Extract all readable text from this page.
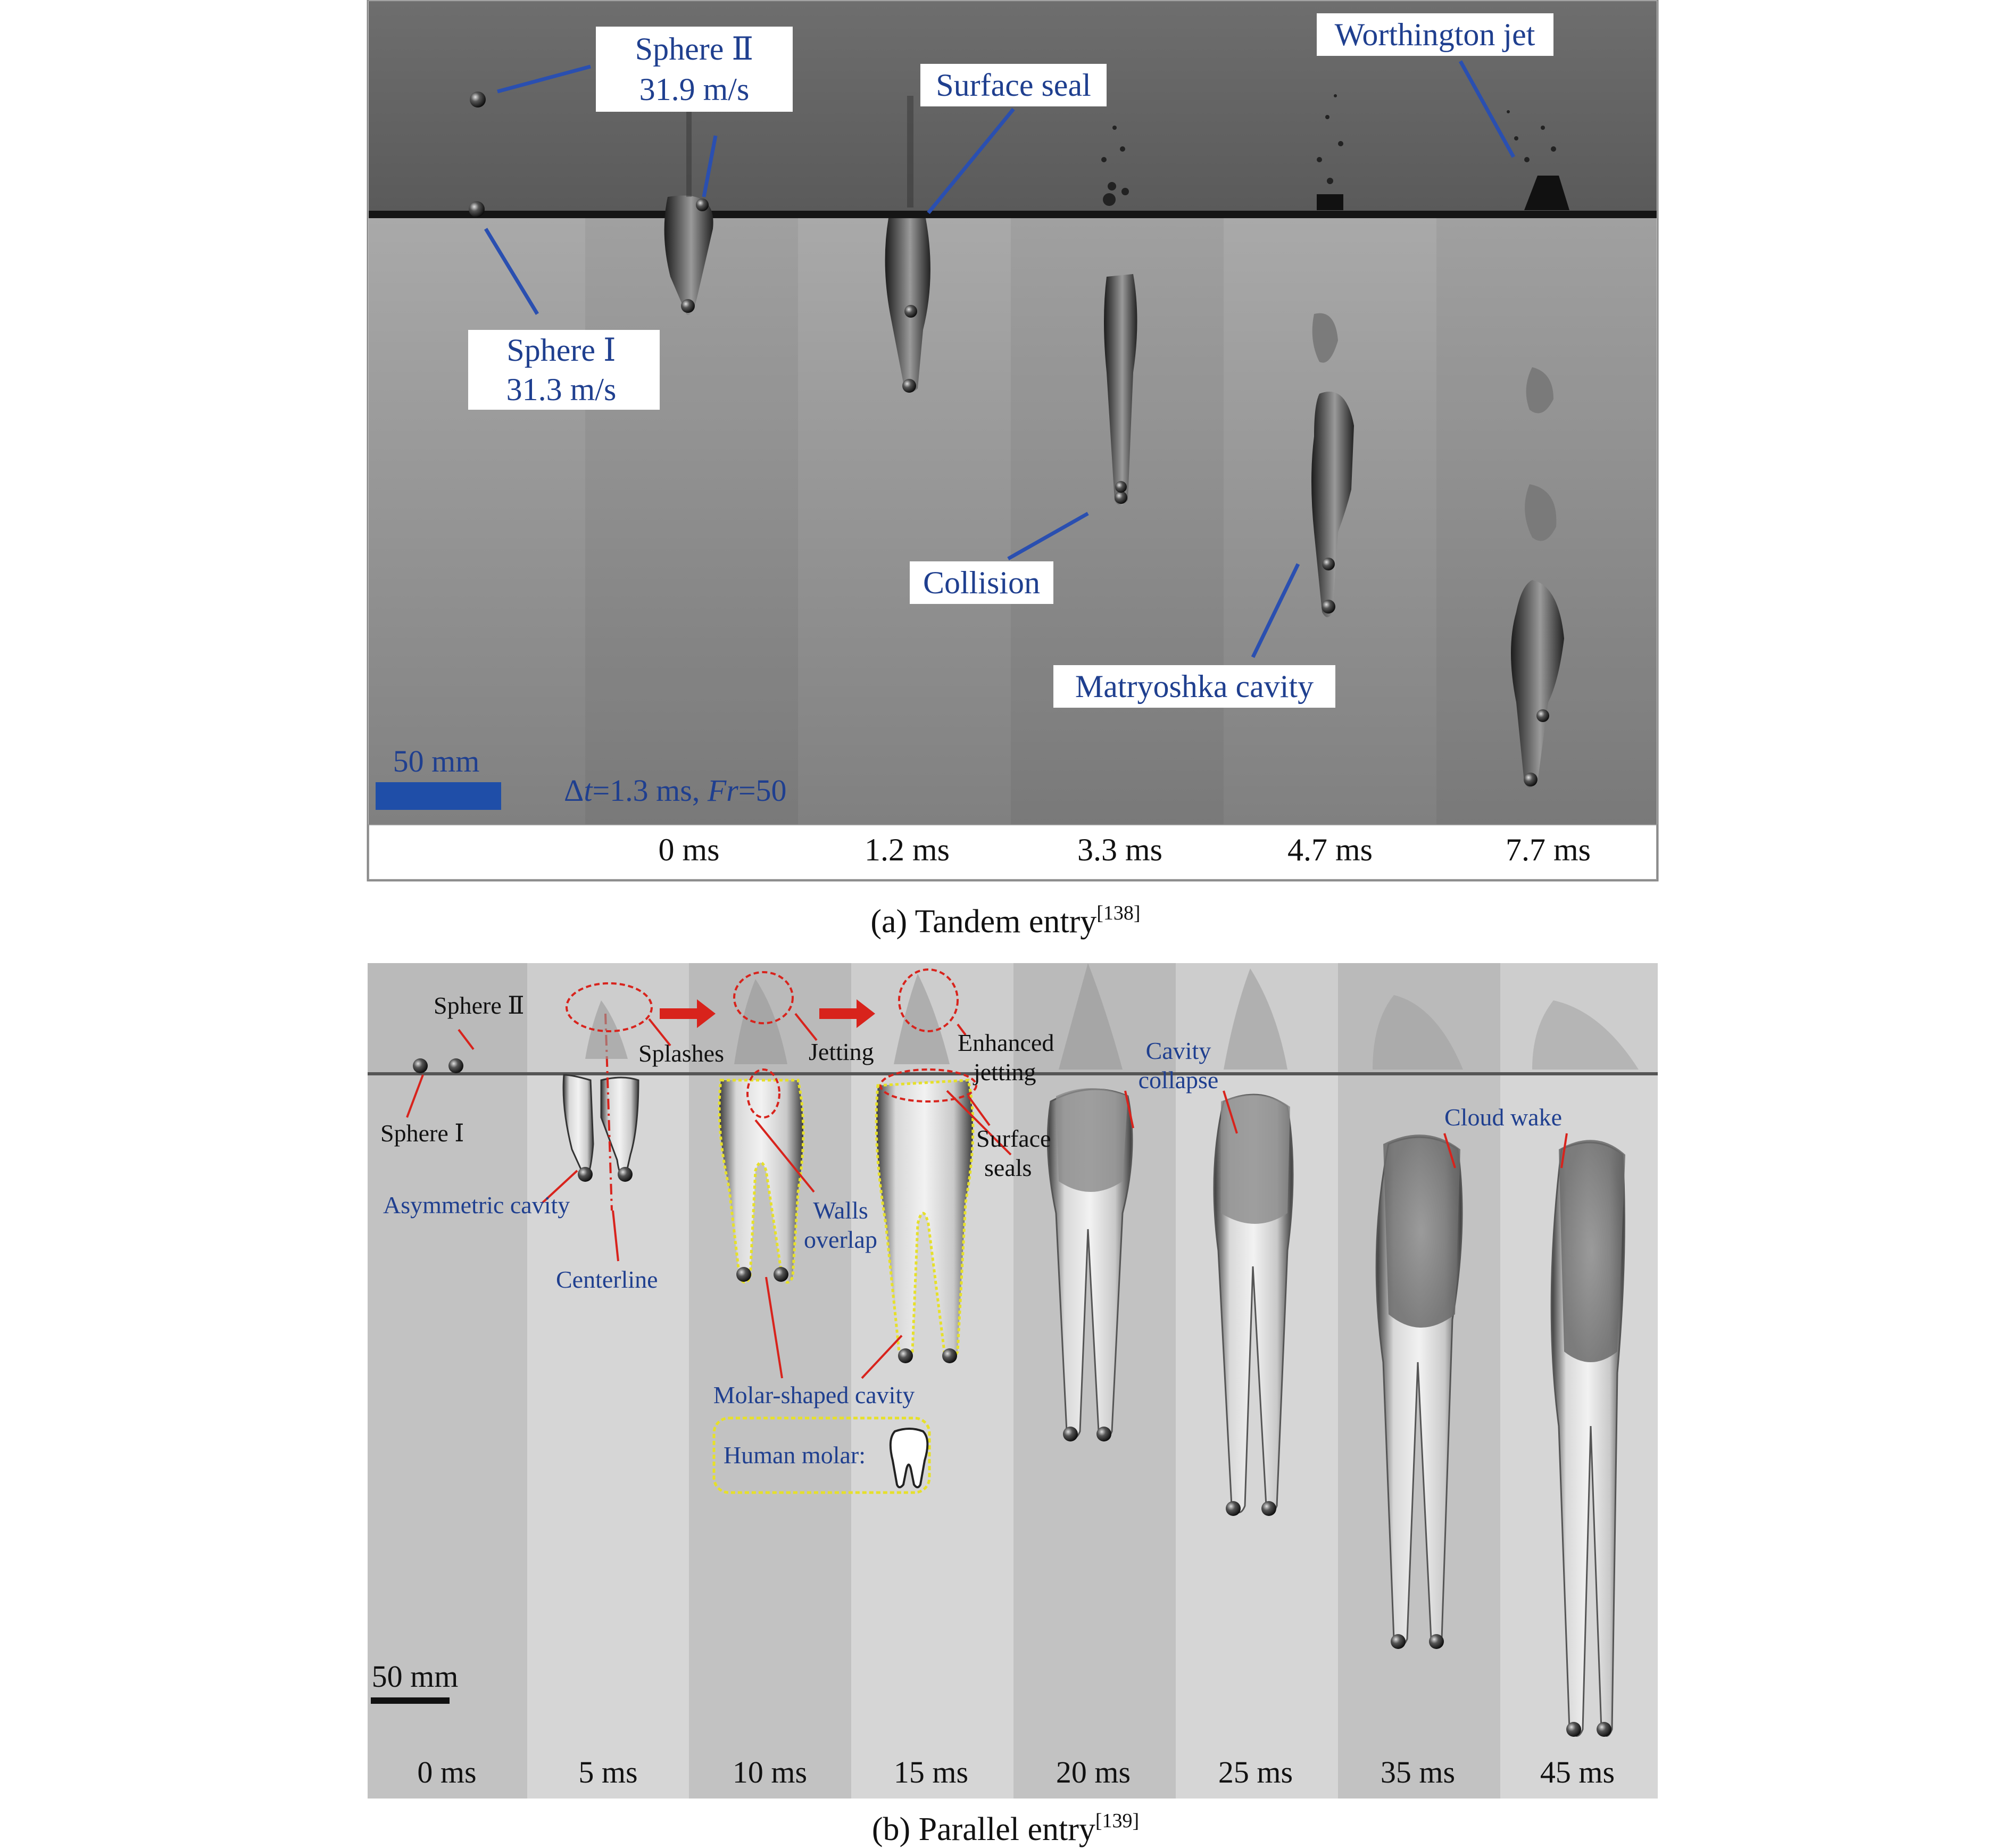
Sphere Ⅱ
31.9 m/s
Sphere Ⅰ
31.3 m/s
Surface seal
Worthington jet
Collision
Matryoshka cavity
50 mm
Δt=1.3 ms, Fr=50
0 ms	1.2 ms	3.3 ms	4.7 ms	7.7 ms
(a) Tandem entry[138]
Sphere Ⅱ
Sphere Ⅰ
Splashes	Jetting	Enhanced
jetting
Surface
seals
Cavity
collapse
Cloud wake
Asymmetric cavity
Centerline
Walls
overlap
Molar-shaped cavity
Human molar:
50 mm
0 ms	5 ms	10 ms	15 ms	20 ms	25 ms	35 ms	45 ms
(b) Parallel entry[139]
